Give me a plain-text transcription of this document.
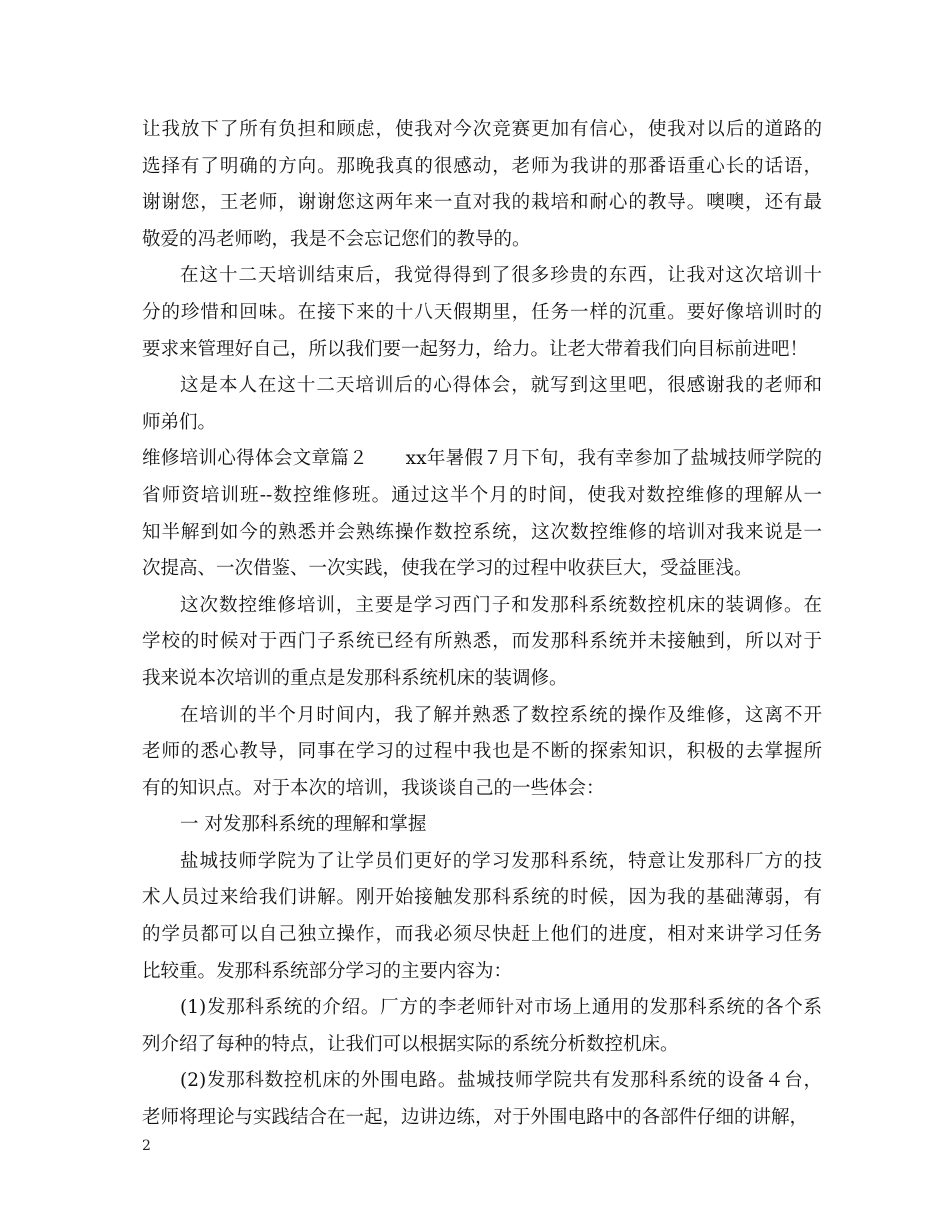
让我放下了所有负担和顾虑，使我对今次竞赛更加有信心，使我对以后的道路的
选择有了明确的方向。那晚我真的很感动，老师为我讲的那番语重心长的话语，
谢谢您，王老师，谢谢您这两年来一直对我的栽培和耐心的教导。噢噢，还有最
敬爱的冯老师哟，我是不会忘记您们的教导的。
在这十二天培训结束后，我觉得得到了很多珍贵的东西，让我对这次培训十
分的珍惜和回味。在接下来的十八天假期里，任务一样的沉重。要好像培训时的
要求来管理好自己，所以我们要一起努力，给力。让老大带着我们向目标前进吧！
这是本人在这十二天培训后的心得体会，就写到这里吧，很感谢我的老师和
师弟们。
维修培训心得体会文章篇２　　xx年暑假７月下旬，我有幸参加了盐城技师学院的
省师资培训班--数控维修班。通过这半个月的时间，使我对数控维修的理解从一
知半解到如今的熟悉并会熟练操作数控系统，这次数控维修的培训对我来说是一
次提高、一次借鉴、一次实践，使我在学习的过程中收获巨大，受益匪浅。
这次数控维修培训，主要是学习西门子和发那科系统数控机床的装调修。在
学校的时候对于西门子系统已经有所熟悉，而发那科系统并未接触到，所以对于
我来说本次培训的重点是发那科系统机床的装调修。
在培训的半个月时间内，我了解并熟悉了数控系统的操作及维修，这离不开
老师的悉心教导，同事在学习的过程中我也是不断的探索知识，积极的去掌握所
有的知识点。对于本次的培训，我谈谈自己的一些体会：
一 对发那科系统的理解和掌握
盐城技师学院为了让学员们更好的学习发那科系统，特意让发那科厂方的技
术人员过来给我们讲解。刚开始接触发那科系统的时候，因为我的基础薄弱，有
的学员都可以自己独立操作，而我必须尽快赶上他们的进度，相对来讲学习任务
比较重。发那科系统部分学习的主要内容为：
(1)发那科系统的介绍。厂方的李老师针对市场上通用的发那科系统的各个系
列介绍了每种的特点，让我们可以根据实际的系统分析数控机床。
(2)发那科数控机床的外围电路。盐城技师学院共有发那科系统的设备４台，
老师将理论与实践结合在一起，边讲边练，对于外围电路中的各部件仔细的讲解，
2
